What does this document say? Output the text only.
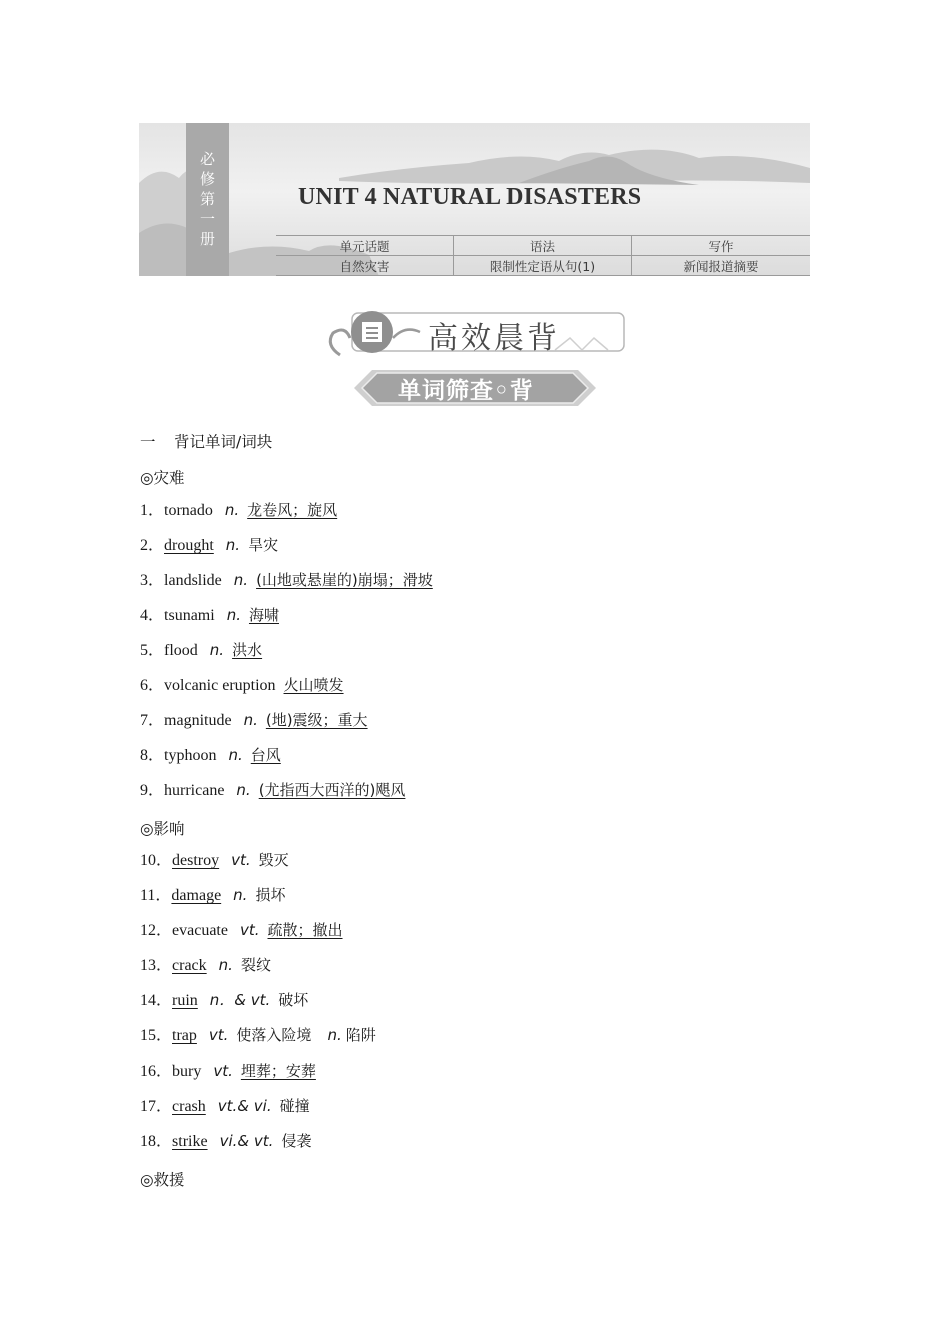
必
修
第
一
册
UNIT 4 NATURAL DISASTERS
单元话题	语法	写作
自然灾害	限制性定语从句(1)	新闻报道摘要
高效晨背
单词筛查◦背
一 背记单词/词块
◎灾难
◎影响
◎救援
1．tornado n. 龙卷风；旋风
2．drought n. 旱灾
3．landslide n. (山地或悬崖的)崩塌；滑坡
4．tsunami n. 海啸
5．flood n. 洪水
6．volcanic eruption 火山喷发
7．magnitude n. (地)震级；重大
8．typhoon n. 台风
9．hurricane n. (尤指西大西洋的)飓风
10．destroy vt. 毁灭
11．damage n. 损坏
12．evacuate vt. 疏散；撤出
13．crack n. 裂纹
14．ruin n．& vt. 破坏
15．trap vt. 使落入险境 n. 陷阱
16．bury vt. 埋葬；安葬
17．crash vt.& vi. 碰撞
18．strike vi.& vt. 侵袭
